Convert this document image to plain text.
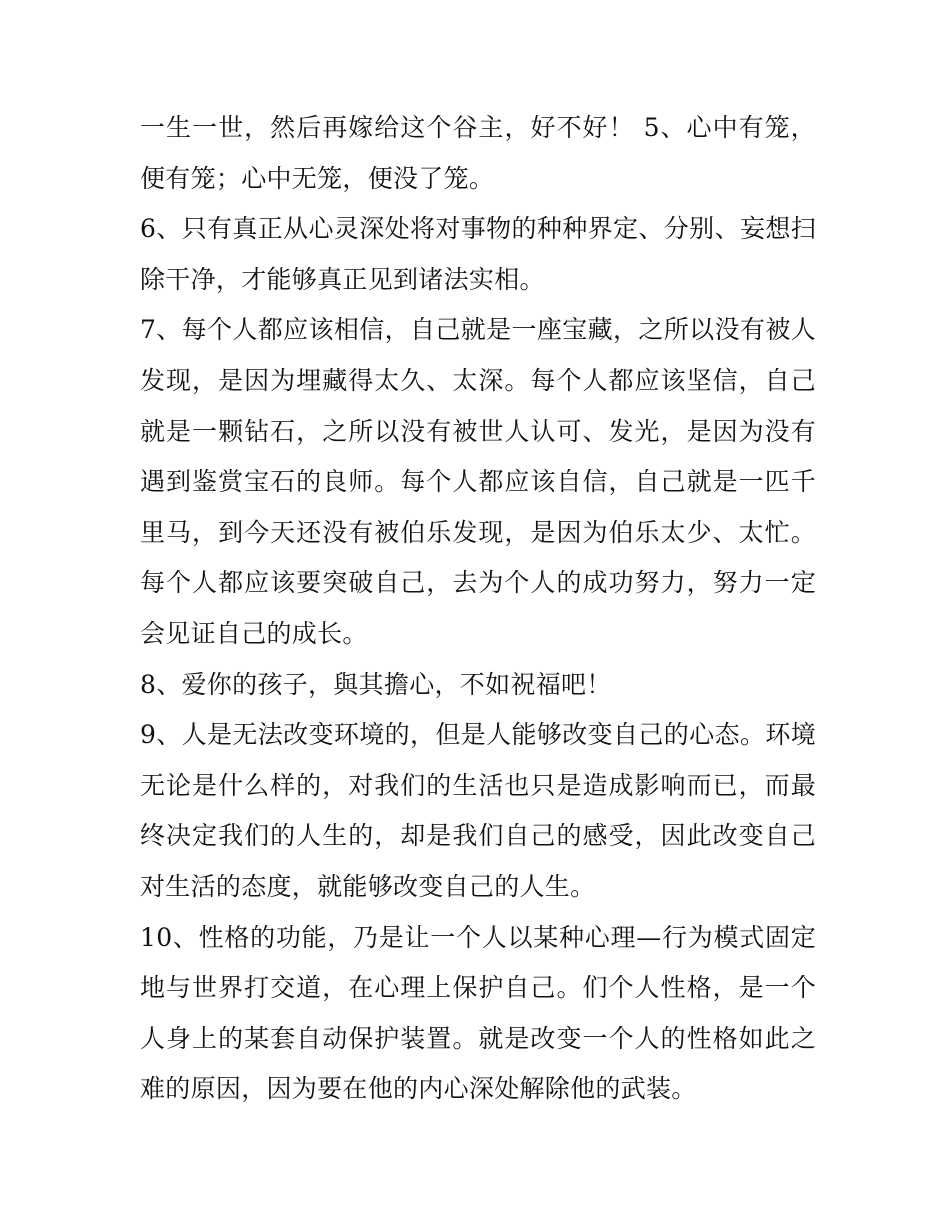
一生一世，然后再嫁给这个谷主，好不好！ 5、心中有笼，便有笼；心中无笼，便没了笼。

6、只有真正从心灵深处将对事物的种种界定、分别、妄想扫除干净，才能够真正见到诸法实相。

7、每个人都应该相信，自己就是一座宝藏，之所以没有被人发现，是因为埋藏得太久、太深。每个人都应该坚信，自己就是一颗钻石，之所以没有被世人认可、发光，是因为没有遇到鉴赏宝石的良师。每个人都应该自信，自己就是一匹千里马，到今天还没有被伯乐发现，是因为伯乐太少、太忙。每个人都应该要突破自己，去为个人的成功努力，努力一定会见证自己的成长。

8、爱你的孩子，與其擔心，不如祝福吧！

9、人是无法改变环境的，但是人能够改变自己的心态。环境无论是什么样的，对我们的生活也只是造成影响而已，而最终决定我们的人生的，却是我们自己的感受，因此改变自己对生活的态度，就能够改变自己的人生。

10、性格的功能，乃是让一个人以某种心理—行为模式固定地与世界打交道，在心理上保护自己。们个人性格，是一个人身上的某套自动保护装置。就是改变一个人的性格如此之难的原因，因为要在他的内心深处解除他的武装。
